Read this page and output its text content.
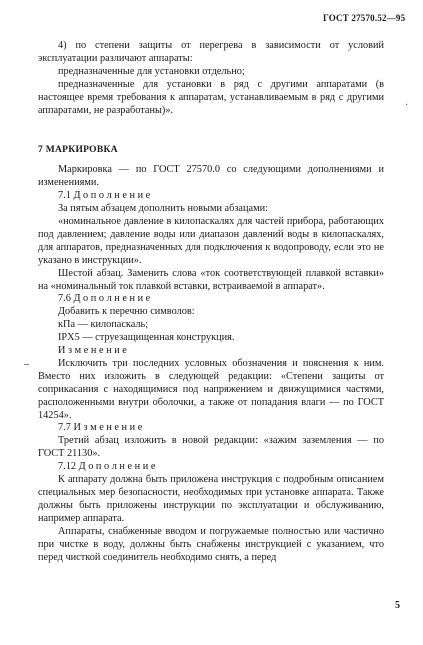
ГОСТ 27570.52—95

4) по степени защиты от перегрева в зависимости от условий эксплуатации различают аппараты:

предназначенные для установки отдельно;

предназначенные для установки в ряд с другими аппаратами (в настоящее время требования к аппаратам, устанавливаемым в ряд с другими аппаратами, не разработаны)».

7 МАРКИРОВКА

Маркировка — по ГОСТ 27570.0 со следующими дополнениями и изменениями.

7.1 Д о п о л н е н и е

За пятым абзацем дополнить новыми абзацами:

«номинальное давление в килопаскалях для частей прибора, работающих под давлением; давление воды или диапазон давлений воды в килопаскалях, для аппаратов, предназначенных для подключения к водопроводу, если это не указано в инструкции».

Шестой абзац. Заменить слова «ток соответствующей плавкой вставки» на «номинальный ток плавкой вставки, встраиваемой в аппарат».

7.6 Д о п о л н е н и е

Добавить к перечню символов:

кПа — килопаскаль;

IPX5 — струезащищенная конструкция.

И з м е н е н и е

Исключить три последних условных обозначения и пояснения к ним. Вместо них изложить в следующей редакции: «Степени защиты от соприкасания с находящимися под напряжением и движущимися частями, расположенными внутри оболочки, а также от попадания влаги — по ГОСТ 14254».

7.7 И з м е н е н и е

Третий абзац изложить в новой редакции: «зажим заземления — по ГОСТ 21130».

7.12 Д о п о л н е н и е

К аппарату должна быть приложена инструкция с подробным описанием специальных мер безопасности, необходимых при установке аппарата. Также должны быть приложены инструкции по эксплуатации и обслуживанию, например аппарата.

Аппараты, снабженные вводом и погружаемые полностью или частично при чистке в воду, должны быть снабжены инструкцией с указанием, что перед чисткой соединитель необходимо снять, а перед

_
·
5
